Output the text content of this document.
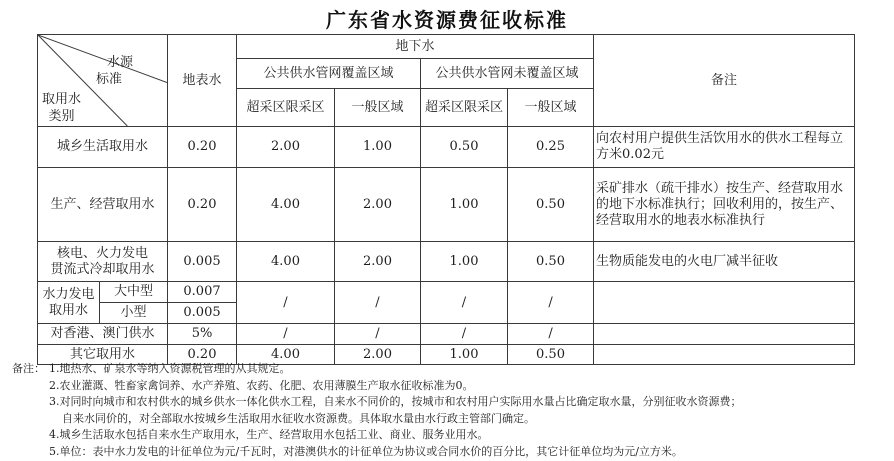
广东省水资源费征收标准
水源
标准
取用水
类别		地表水	地下水				备注
			公共供水管网覆盖区域		公共供水管网未覆盖区域		
			超采区限采区	一般区域	超采区限采区	一般区域	
城乡生活取用水		0.20	2.00	1.00	0.50	0.25	向农村用户提供生活饮用水的供水工程每立方米0.02元
生产、经营取用水		0.20	4.00	2.00	1.00	0.50	采矿排水（疏干排水）按生产、经营取用水的地下水标准执行；回收利用的，按生产、经营取用水的地表水标准执行
核电、火力发电
贯流式冷却取用水		0.005	4.00	2.00	1.00	0.50	生物质能发电的火电厂减半征收
水力发电
取用水	大中型	0.007	/	/	/	/	
	小型	0.005					
对香港、澳门供水		5%	/	/	/	/	
其它取用水		0.20	4.00	2.00	1.00	0.50	
备注： 1.地热水、矿泉水等纳入资源税管理的从其规定。
2.农业灌溉、牲畜家禽饲养、水产养殖、农药、化肥、农用薄膜生产取水征收标准为0。
3.对同时向城市和农村供水的城乡供水一体化供水工程，自来水不同价的，按城市和农村用户实际用水量占比确定取水量，分别征收水资源费；
自来水同价的，对全部取水按城乡生活取用水征收水资源费。具体取水量由水行政主管部门确定。
4.城乡生活取水包括自来水生产取用水，生产、经营取用水包括工业、商业、服务业用水。
5.单位：表中水力发电的计征单位为元/千瓦时，对港澳供水的计征单位为协议或合同水价的百分比，其它计征单位均为元/立方米。
